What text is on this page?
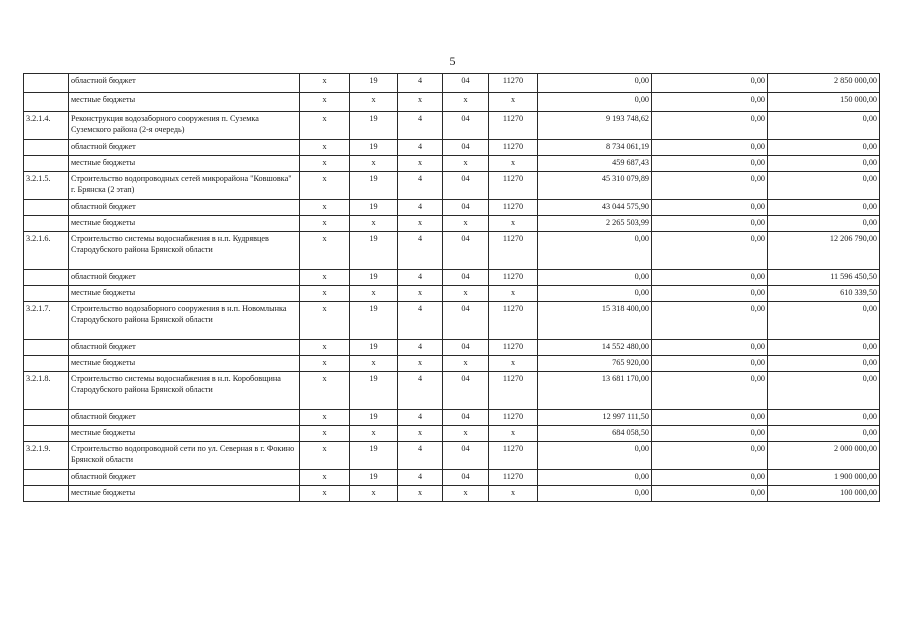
5
	областной бюджет	х	19	4	04	11270	0,00	0,00	2 850 000,00
	местные бюджеты	х	х	х	х	х	0,00	0,00	150 000,00
3.2.1.4.	Реконструкция водозаборного сооружения п. Суземка Суземского района (2-я очередь)	х	19	4	04	11270	9 193 748,62	0,00	0,00
	областной бюджет	х	19	4	04	11270	8 734 061,19	0,00	0,00
	местные бюджеты	х	х	х	х	х	459 687,43	0,00	0,00
3.2.1.5.	Строительство водопроводных сетей микрорайона "Ковшовка" г. Брянска (2 этап)	х	19	4	04	11270	45 310 079,89	0,00	0,00
	областной бюджет	х	19	4	04	11270	43 044 575,90	0,00	0,00
	местные бюджеты	х	х	х	х	х	2 265 503,99	0,00	0,00
3.2.1.6.	Строительство системы водоснабжения в н.п. Кудрявцев Стародубского района Брянской области	х	19	4	04	11270	0,00	0,00	12 206 790,00
	областной бюджет	х	19	4	04	11270	0,00	0,00	11 596 450,50
	местные бюджеты	х	х	х	х	х	0,00	0,00	610 339,50
3.2.1.7.	Строительство водозаборного сооружения в н.п. Новомлынка Стародубского района Брянской области	х	19	4	04	11270	15 318 400,00	0,00	0,00
	областной бюджет	х	19	4	04	11270	14 552 480,00	0,00	0,00
	местные бюджеты	х	х	х	х	х	765 920,00	0,00	0,00
3.2.1.8.	Строительство системы водоснабжения в н.п. Коробовщина Стародубского района Брянской области	х	19	4	04	11270	13 681 170,00	0,00	0,00
	областной бюджет	х	19	4	04	11270	12 997 111,50	0,00	0,00
	местные бюджеты	х	х	х	х	х	684 058,50	0,00	0,00
3.2.1.9.	Строительство водопроводной сети по ул. Северная в г. Фокино Брянской области	х	19	4	04	11270	0,00	0,00	2 000 000,00
	областной бюджет	х	19	4	04	11270	0,00	0,00	1 900 000,00
	местные бюджеты	х	х	х	х	х	0,00	0,00	100 000,00
